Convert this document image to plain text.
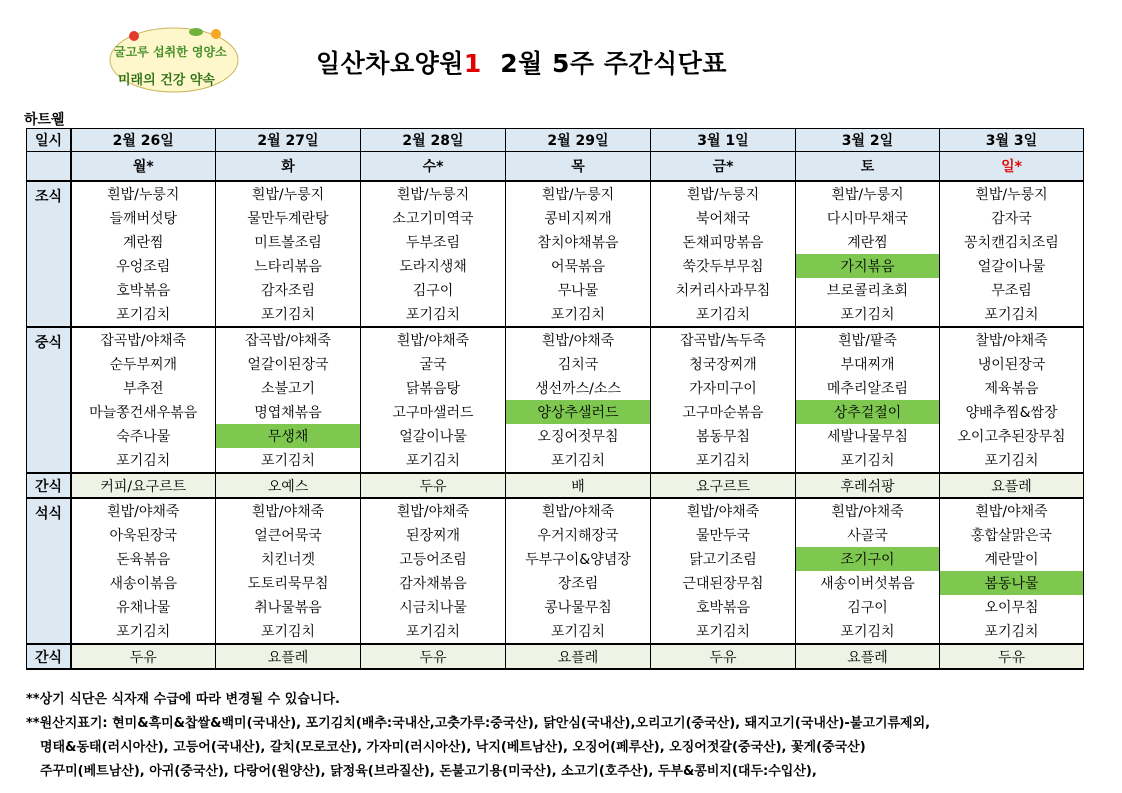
굴고루 섭취한 영양소
미래의 건강 약속
일산차요양원1  2월 5주 주간식단표
하트웰
일시	2월 26일	2월 27일	2월 28일	2월 29일	3월 1일	3월 2일	3월 3일
	월*	화	수*	목	금*	토	일*
조식	흰밥/누룽지	흰밥/누룽지	흰밥/누룽지	흰밥/누룽지	흰밥/누룽지	흰밥/누룽지	흰밥/누룽지
	들깨버섯탕	물만두계란탕	소고기미역국	콩비지찌개	북어채국	다시마무채국	감자국
	계란찜	미트볼조림	두부조림	참치야채볶음	돈채피망볶음	계란찜	꽁치캔김치조림
	우엉조림	느타리볶음	도라지생채	어묵볶음	쑥갓두부무침	가지볶음	얼갈이나물
	호박볶음	감자조림	김구이	무나물	치커리사과무침	브로콜리초회	무조림
	포기김치	포기김치	포기김치	포기김치	포기김치	포기김치	포기김치
중식	잡곡밥/야채죽	잡곡밥/야채죽	흰밥/야채죽	흰밥/야채죽	잡곡밥/녹두죽	흰밥/팥죽	찰밥/야채죽
	순두부찌개	얼갈이된장국	굴국	김치국	청국장찌개	부대찌개	냉이된장국
	부추전	소불고기	닭볶음탕	생선까스/소스	가자미구이	메추리알조림	제육볶음
	마늘쫑건새우볶음	명엽채볶음	고구마샐러드	양상추샐러드	고구마순볶음	상추겉절이	양배추찜&쌈장
	숙주나물	무생채	얼갈이나물	오징어젓무침	봄동무침	세발나물무침	오이고추된장무침
	포기김치	포기김치	포기김치	포기김치	포기김치	포기김치	포기김치
간식	커피/요구르트	오예스	두유	배	요구르트	후레쉬팡	요플레
석식	흰밥/야채죽	흰밥/야채죽	흰밥/야채죽	흰밥/야채죽	흰밥/야채죽	흰밥/야채죽	흰밥/야채죽
	아욱된장국	얼큰어묵국	된장찌개	우거지해장국	물만두국	사골국	홍합살맑은국
	돈육볶음	치킨너겟	고등어조림	두부구이&양념장	닭고기조림	조기구이	계란말이
	새송이볶음	도토리묵무침	감자채볶음	장조림	근대된장무침	새송이버섯볶음	봄동나물
	유채나물	취나물볶음	시금치나물	콩나물무침	호박볶음	김구이	오이무침
	포기김치	포기김치	포기김치	포기김치	포기김치	포기김치	포기김치
간식	두유	요플레	두유	요플레	두유	요플레	두유
**상기 식단은 식자재 수급에 따라 변경될 수 있습니다.
**원산지표기: 현미&흑미&찹쌀&백미(국내산), 포기김치(배추:국내산,고춧가루:중국산), 닭안심(국내산),오리고기(중국산), 돼지고기(국내산)-불고기류제외,
명태&동태(러시아산), 고등어(국내산), 갈치(모로코산), 가자미(러시아산), 낙지(베트남산), 오징어(페루산), 오징어젓갈(중국산), 꽃게(중국산)
주꾸미(베트남산), 아귀(중국산), 다랑어(원양산), 닭정육(브라질산), 돈불고기용(미국산), 소고기(호주산), 두부&콩비지(대두:수입산),
